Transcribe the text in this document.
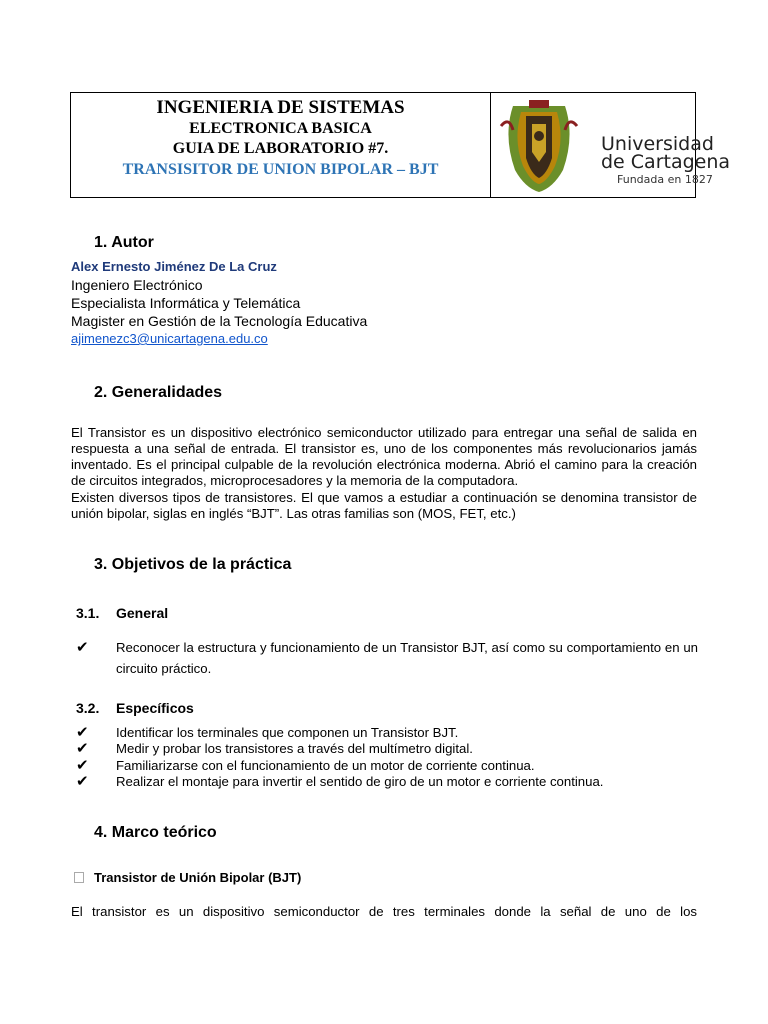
INGENIERIA DE SISTEMAS
ELECTRONICA BASICA
GUIA DE LABORATORIO #7.
TRANSISITOR DE UNION BIPOLAR – BJT
Universidad
de Cartagena
Fundada en 1827
1. Autor
Alex Ernesto Jiménez De La Cruz
Ingeniero Electrónico
Especialista Informática y Telemática
Magister en Gestión de la Tecnología Educativa
ajimenezc3@unicartagena.edu.co
2. Generalidades
El Transistor es un dispositivo electrónico semiconductor utilizado para entregar una señal de salida en respuesta a una señal de entrada. El transistor es, uno de los componentes más revolucionarios jamás inventado. Es el principal culpable de la revolución electrónica moderna. Abrió el camino para la creación de circuitos integrados, microprocesadores y la memoria de la computadora.
Existen diversos tipos de transistores. El que vamos a estudiar a continuación se denomina transistor de unión bipolar, siglas en inglés “BJT”. Las otras familias son (MOS, FET, etc.)
3. Objetivos de la práctica
3.1. General
✔	Reconocer la estructura y funcionamiento de un Transistor BJT, así como su comportamiento en un circuito práctico.
3.2. Específicos
✔	Identificar los terminales que componen un Transistor BJT.
✔	Medir y probar los transistores a través del multímetro digital.
✔	Familiarizarse con el funcionamiento de un motor de corriente continua.
✔	Realizar el montaje para invertir el sentido de giro de un motor e corriente continua.
4. Marco teórico
Transistor de Unión Bipolar (BJT)
El transistor es un dispositivo semiconductor de tres terminales donde la señal de uno de los
